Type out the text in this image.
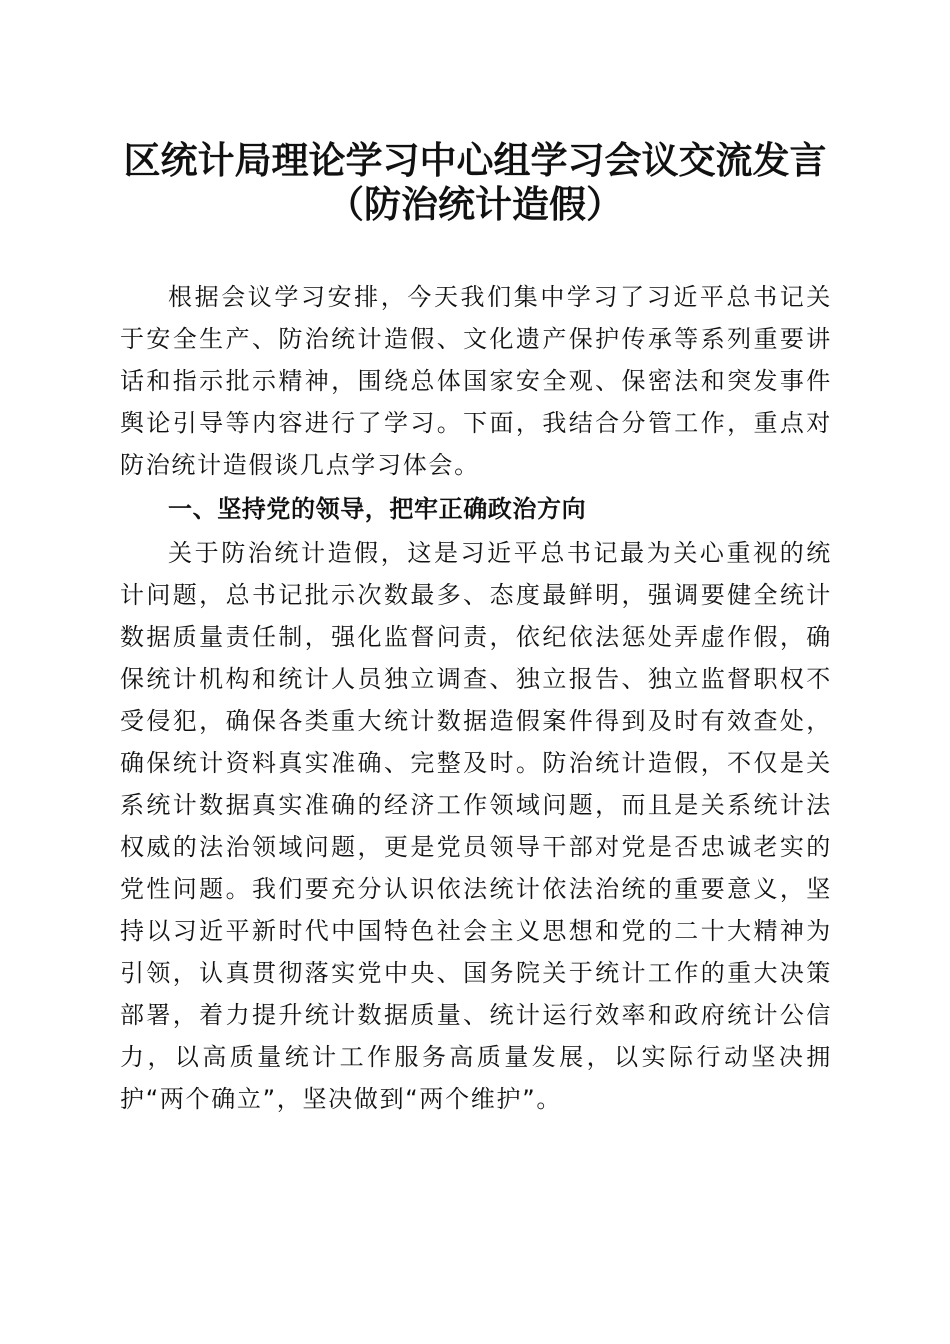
区统计局理论学习中心组学习会议交流发言
（防治统计造假）

根据会议学习安排，今天我们集中学习了习近平总书记关于安全生产、防治统计造假、文化遗产保护传承等系列重要讲话和指示批示精神，围绕总体国家安全观、保密法和突发事件舆论引导等内容进行了学习。下面，我结合分管工作，重点对防治统计造假谈几点学习体会。

一、坚持党的领导，把牢正确政治方向

关于防治统计造假，这是习近平总书记最为关心重视的统计问题，总书记批示次数最多、态度最鲜明，强调要健全统计数据质量责任制，强化监督问责，依纪依法惩处弄虚作假，确保统计机构和统计人员独立调查、独立报告、独立监督职权不受侵犯，确保各类重大统计数据造假案件得到及时有效查处，确保统计资料真实准确、完整及时。防治统计造假，不仅是关系统计数据真实准确的经济工作领域问题，而且是关系统计法权威的法治领域问题，更是党员领导干部对党是否忠诚老实的党性问题。我们要充分认识依法统计依法治统的重要意义，坚持以习近平新时代中国特色社会主义思想和党的二十大精神为引领，认真贯彻落实党中央、国务院关于统计工作的重大决策部署，着力提升统计数据质量、统计运行效率和政府统计公信力，以高质量统计工作服务高质量发展，以实际行动坚决拥护“两个确立”，坚决做到“两个维护”。
